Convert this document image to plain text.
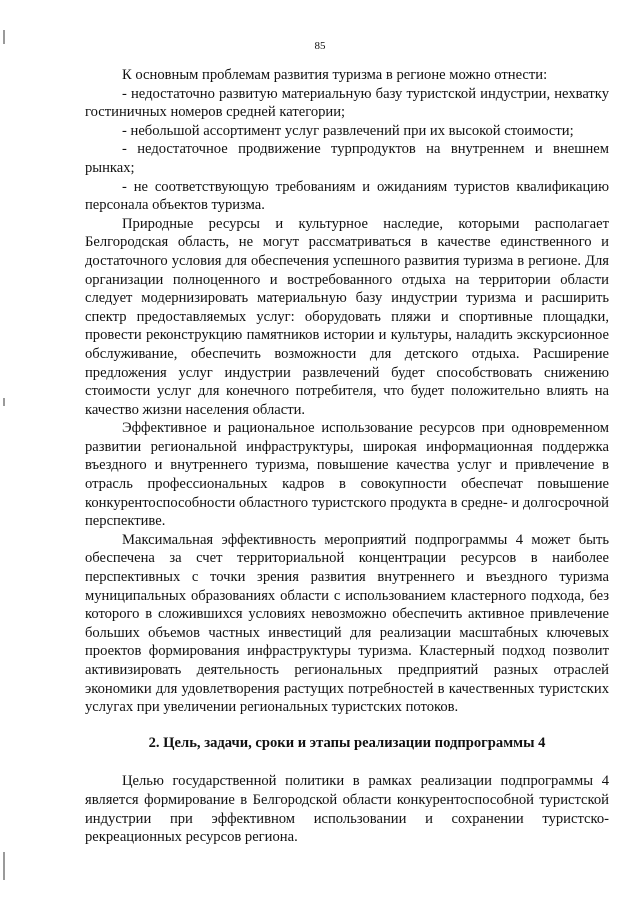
85

К основным проблемам развития туризма в регионе можно отнести:

- недостаточно развитую материальную базу туристской индустрии, нехватку гостиничных номеров средней категории;

- небольшой ассортимент услуг развлечений при их высокой стоимости;

- недостаточное продвижение турпродуктов на внутреннем и внешнем рынках;

- не соответствующую требованиям и ожиданиям туристов квалификацию персонала объектов туризма.

Природные ресурсы и культурное наследие, которыми располагает Белгородская область, не могут рассматриваться в качестве единственного и достаточного условия для обеспечения успешного развития туризма в регионе. Для организации полноценного и востребованного отдыха на территории области следует модернизировать материальную базу индустрии туризма и расширить спектр предоставляемых услуг: оборудовать пляжи и спортивные площадки, провести реконструкцию памятников истории и культуры, наладить экскурсионное обслуживание, обеспечить возможности для детского отдыха. Расширение предложения услуг индустрии развлечений будет способствовать снижению стоимости услуг для конечного потребителя, что будет положительно влиять на качество жизни населения области.

Эффективное и рациональное использование ресурсов при одновременном развитии региональной инфраструктуры, широкая информационная поддержка въездного и внутреннего туризма, повышение качества услуг и привлечение в отрасль профессиональных кадров в совокупности обеспечат повышение конкурентоспособности областного туристского продукта в средне- и долгосрочной перспективе.

Максимальная эффективность мероприятий подпрограммы 4 может быть обеспечена за счет территориальной концентрации ресурсов в наиболее перспективных с точки зрения развития внутреннего и въездного туризма муниципальных образованиях области с использованием кластерного подхода, без которого в сложившихся условиях невозможно обеспечить активное привлечение больших объемов частных инвестиций для реализации масштабных ключевых проектов формирования инфраструктуры туризма. Кластерный подход позволит активизировать деятельность региональных предприятий разных отраслей экономики для удовлетворения растущих потребностей в качественных туристских услугах при увеличении региональных туристских потоков.

2. Цель, задачи, сроки и этапы реализации подпрограммы 4

Целью государственной политики в рамках реализации подпрограммы 4 является формирование в Белгородской области конкурентоспособной туристской индустрии при эффективном использовании и сохранении туристско-рекреационных ресурсов региона.
